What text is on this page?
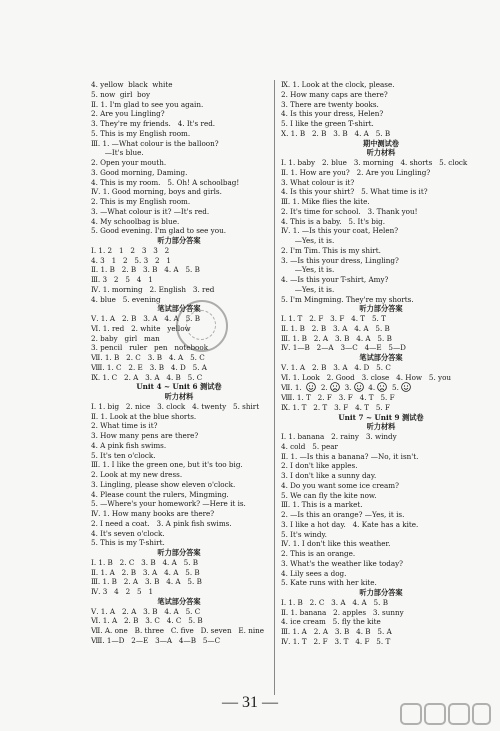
4. yellow  black  white
5. now  girl  boy
Ⅱ. 1. I'm glad to see you again.
2. Are you Lingling?
3. They're my friends.   4. It's red.
5. This is my English room.
Ⅲ. 1. —What colour is the balloon?
—It's blue.
2. Open your mouth.
3. Good morning, Daming.
4. This is my room.   5. Oh! A schoolbag!
Ⅳ. 1. Good morning, boys and girls.
2. This is my English room.
3. —What colour is it? —It's red.
4. My schoolbag is blue.
5. Good evening. I'm glad to see you.
听力部分答案
Ⅰ. 1. 2   1   2   3   3   2
4. 3   1   2   5. 3   2   1
Ⅱ. 1. B   2. B   3. B   4. A   5. B
Ⅲ. 3   2   5   4   1
Ⅳ. 1. morning   2. English   3. red
4. blue   5. evening
笔试部分答案
Ⅴ. 1. A   2. B   3. A   4. A   5. B
Ⅵ. 1. red   2. white   yellow
2. baby   girl   man
3. pencil   ruler   pen   notebook
Ⅶ. 1. B   2. C   3. B   4. A   5. C
Ⅷ. 1. C   2. E   3. B   4. D   5. A
Ⅸ. 1. C   2. A   3. A   4. B   5. C
Unit 4 ~ Unit 6 测试卷
听力材料
Ⅰ. 1. big   2. nice   3. clock   4. twenty   5. shirt
Ⅱ. 1. Look at the blue shorts.
2. What time is it?
3. How many pens are there?
4. A pink fish swims.
5. It's ten o'clock.
Ⅲ. 1. I like the green one, but it's too big.
2. Look at my new dress.
3. Lingling, please show eleven o'clock.
4. Please count the rulers, Mingming.
5. —Where's your homework? —Here it is.
Ⅳ. 1. How many books are there?
2. I need a coat.   3. A pink fish swims.
4. It's seven o'clock.
5. This is my T-shirt.
听力部分答案
Ⅰ. 1. B   2. C   3. B   4. A   5. B
Ⅱ. 1. A   2. B   3. A   4. A   5. B
Ⅲ. 1. B   2. A   3. B   4. A   5. B
Ⅳ. 3   4   2   5   1
笔试部分答案
Ⅴ. 1. A   2. A   3. B   4. A   5. C
Ⅵ. 1. A   2. B   3. C   4. C   5. B
Ⅶ. A. one   B. three   C. five   D. seven   E. nine
Ⅷ. 1—D   2—E   3—A   4—B   5—C
Ⅸ. 1. Look at the clock, please.
2. How many caps are there?
3. There are twenty books.
4. Is this your dress, Helen?
5. I like the green T-shirt.
Ⅹ. 1. B   2. B   3. B   4. A   5. B
期中测试卷
听力材料
Ⅰ. 1. baby   2. blue   3. morning   4. shorts   5. clock
Ⅱ. 1. How are you?   2. Are you Lingling?
3. What colour is it?
4. Is this your shirt?   5. What time is it?
Ⅲ. 1. Mike flies the kite.
2. It's time for school.   3. Thank you!
4. This is a baby.   5. It's big.
Ⅳ. 1. —Is this your coat, Helen?
—Yes, it is.
2. I'm Tim. This is my shirt.
3. —Is this your dress, Lingling?
—Yes, it is.
4. —Is this your T-shirt, Amy?
—Yes, it is.
5. I'm Mingming. They're my shorts.
听力部分答案
Ⅰ. 1. T   2. F   3. F   4. T   5. T
Ⅱ. 1. B   2. B   3. A   4. A   5. B
Ⅲ. 1. B   2. A   3. B   4. A   5. B
Ⅳ. 1—B   2—A   3—C   4—E   5—D
笔试部分答案
Ⅴ. 1. A   2. B   3. A   4. D   5. C
Ⅵ. 1. Look   2. Good   3. close   4. How   5. you
Ⅶ. 1.    2.   3.   4.   5.
Ⅷ. 1. T   2. F   3. F   4. T   5. F
Ⅸ. 1. T   2. T   3. F   4. T   5. F
Unit 7 ~ Unit 9 测试卷
听力材料
Ⅰ. 1. banana   2. rainy   3. windy
4. cold   5. pear
Ⅱ. 1. —Is this a banana? —No, it isn't.
2. I don't like apples.
3. I don't like a sunny day.
4. Do you want some ice cream?
5. We can fly the kite now.
Ⅲ. 1. This is a market.
2. —Is this an orange? —Yes, it is.
3. I like a hot day.   4. Kate has a kite.
5. It's windy.
Ⅳ. 1. I don't like this weather.
2. This is an orange.
3. What's the weather like today?
4. Lily sees a dog.
5. Kate runs with her kite.
听力部分答案
Ⅰ. 1. B   2. C   3. A   4. A   5. B
Ⅱ. 1. banana   2. apples   3. sunny
4. ice cream   5. fly the kite
Ⅲ. 1. A   2. A   3. B   4. B   5. A
Ⅳ. 1. T   2. F   3. T   4. F   5. T
— 31 —
